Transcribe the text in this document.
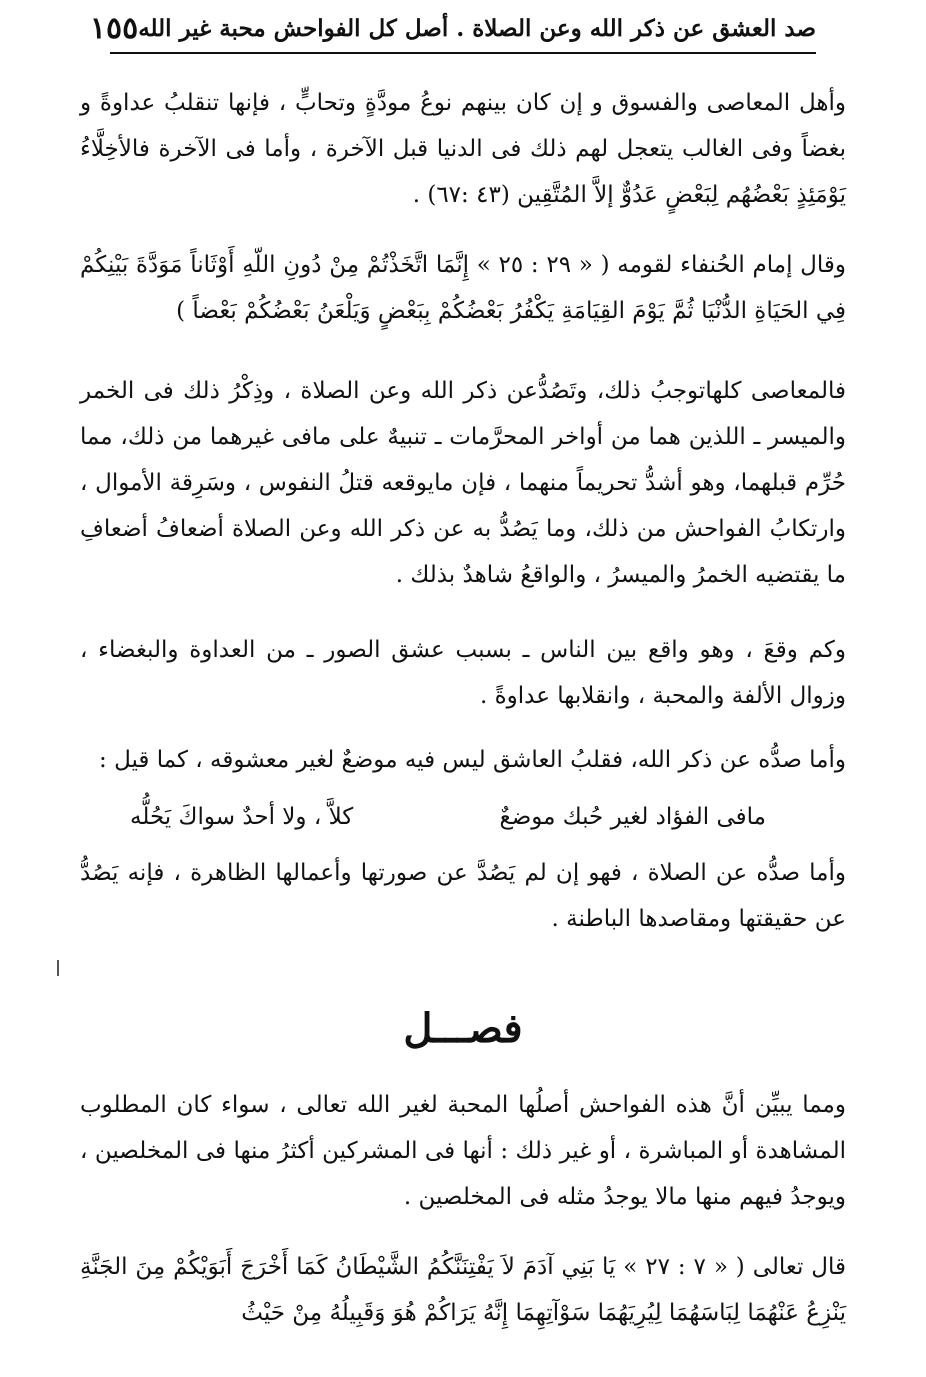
صد العشق عن ذكر الله وعن الصلاة . أصل كل الفواحش محبة غير الله
١٥٥

وأهل المعاصى والفسوق و إن كان بينهم نوعُ مودَّةٍ وتحابٍّ ، فإنها تنقلبُ عداوةً و بغضاً وفى الغالب يتعجل لهم ذلك فى الدنيا قبل الآخرة ، وأما فى الآخرة فالأخِلَّاءُ يَوْمَئِذٍ بَعْضُهُم لِبَعْضٍ عَدُوٌّ إلاَّ المُتَّقِين (٤٣ :٦٧) .

وقال إمام الحُنفاء لقومه ( « ٢٩ : ٢٥ » إِنَّمَا اتَّخَذْتُمْ مِنْ دُونِ اللّهِ أَوْثَاناً مَوَدَّةَ بَيْنِكُمْ فِي الحَيَاةِ الدُّنْيَا ثُمَّ يَوْمَ القِيَامَةِ يَكْفُرُ بَعْضُكُمْ بِبَعْضٍ وَيَلْعَنُ بَعْضُكُمْ بَعْضاً )

فالمعاصى كلهاتوجبُ ذلك، وتَصُدُّعن ذكر الله وعن الصلاة ، وذِكْرُ ذلك فى الخمر والميسر ـ اللذين هما من أواخر المحرَّمات ـ تنبيهٌ على مافى غيرهما من ذلك، مما حُرِّم قبلهما، وهو أشدُّ تحريماً منهما ، فإن مايوقعه قتلُ النفوس ، وسَرِقة الأموال ، وارتكابُ الفواحش من ذلك، وما يَصُدُّ به عن ذكر الله وعن الصلاة أضعافُ أضعافِ ما يقتضيه الخمرُ والميسرُ ، والواقعُ شاهدٌ بذلك .

وكم وقعَ ، وهو واقع بين الناس ـ بسبب عشق الصور ـ من العداوة والبغضاء ، وزوال الألفة والمحبة ، وانقلابها عداوةً .

وأما صدُّه عن ذكر الله، فقلبُ العاشق ليس فيه موضعٌ لغير معشوقه ، كما قيل :

مافى الفؤاد لغير حُبك موضعٌ
كلاَّ ، ولا أحدٌ سواكَ يَحُلُّه

وأما صدُّه عن الصلاة ، فهو إن لم يَصُدَّ عن صورتها وأعمالها الظاهرة ، فإنه يَصُدُّ عن حقيقتها ومقاصدها الباطنة .

فصـــل

ومما يبيِّن أنَّ هذه الفواحش أصلُها المحبة لغير الله تعالى ، سواء كان المطلوب المشاهدة أو المباشرة ، أو غير ذلك : أنها فى المشركين أكثرُ منها فى المخلصين ، ويوجدُ فيهم منها مالا يوجدُ مثله فى المخلصين .

قال تعالى ( « ٧ : ٢٧ » يَا بَنِي آدَمَ لاَ يَفْتِنَنَّكُمُ الشَّيْطَانُ كَمَا أَخْرَجَ أَبَوَيْكُمْ مِنَ الجَنَّةِ يَنْزِعُ عَنْهُمَا لِبَاسَهُمَا لِيُرِيَهُمَا سَوْآتِهِمَا إِنَّهُ يَرَاكُمْ هُوَ وَقَبِيلُهُ مِنْ حَيْثُ
